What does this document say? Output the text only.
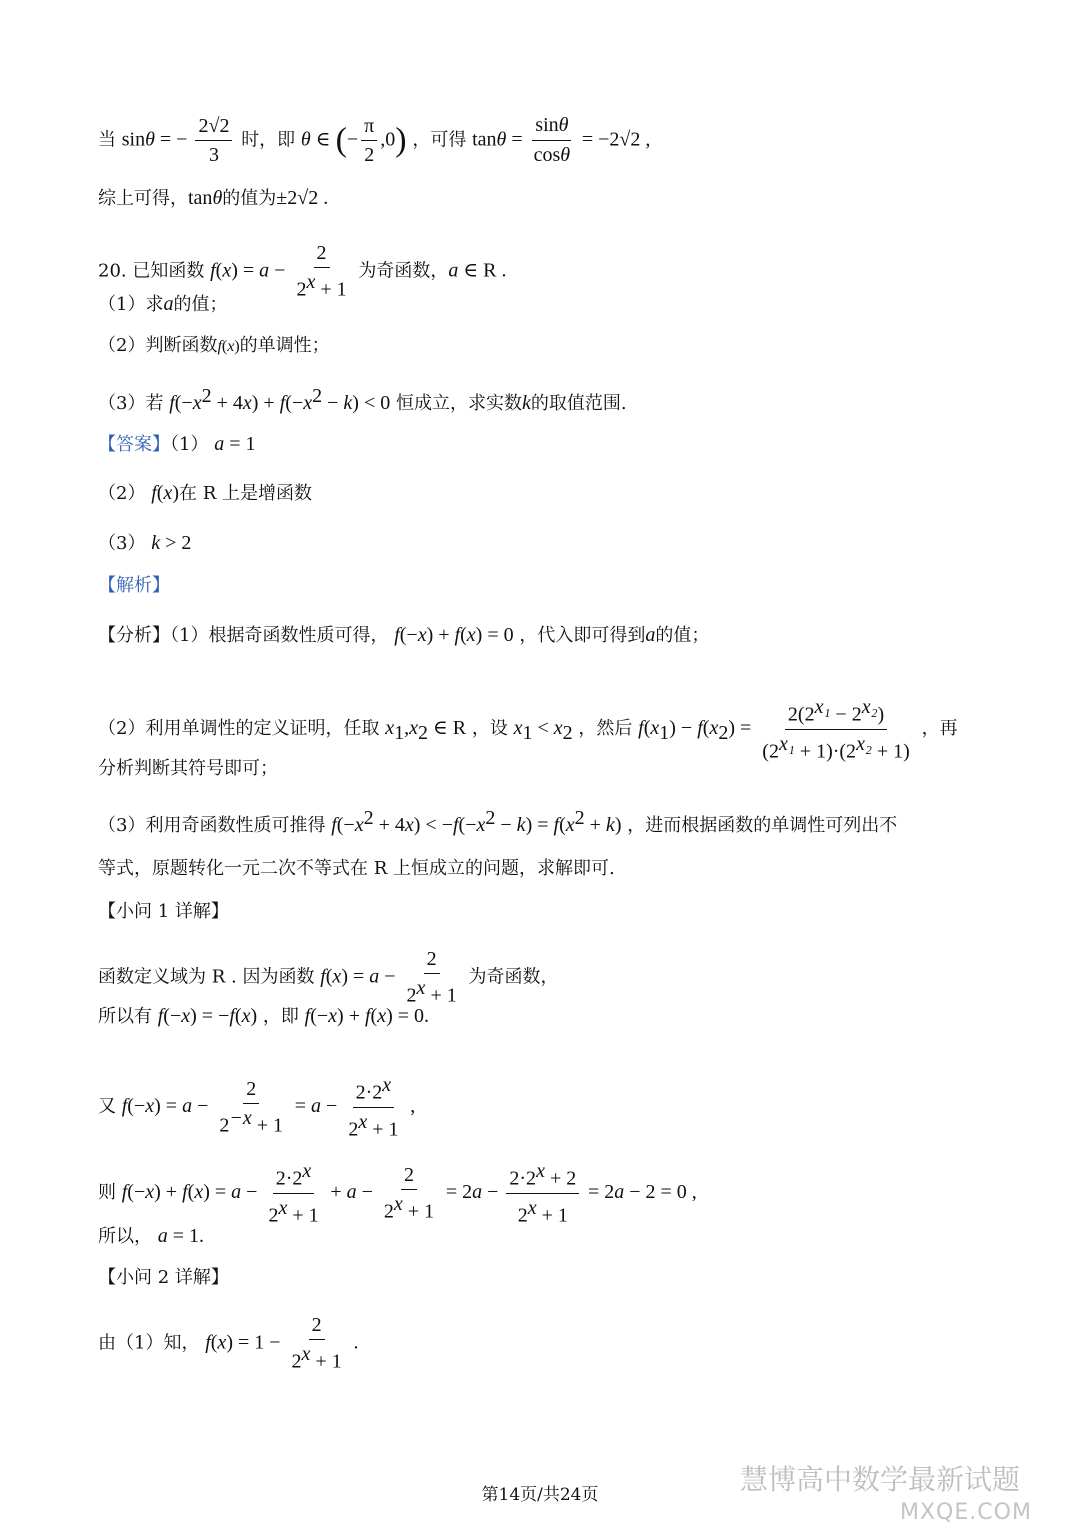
当 sinθ = − $\frac{2√2}{3}$ 时，即 θ ∈ (− $\frac{\pi}{2} ,0$) ，可得 $\tan\theta = \frac{\sin\theta}{\cos\theta} = -2√2$ ,
综上可得，tanθ的值为±2√2 .
20. 已知函数 $f(x) = a - \frac{2}{2^x + 1}$ 为奇函数，a ∈ R .
（1）求a的值；
（2）判断函数f(x)的单调性；
（3）若 $f(-x^2 + 4x) + f(-x^2 - k) < 0$ 恒成立，求实数k的取值范围.
【答案】（1） a = 1
（2） f(x)在 R 上是增函数
（3） k > 2
【解析】
【分析】（1）根据奇函数性质可得， f(−x) + f(x) = 0 ，代入即可得到a的值；
（2）利用单调性的定义证明，任取 $x_1,x_2$ ∈ R ，设 $x_1 < x_2$ ，然后 $f(x_1) - f(x_2) = \frac{2(2^{x_1} - 2^{x_2})}{(2^{x_1} + 1)\cdot(2^{x_2} + 1)}$ ，再
分析判断其符号即可；
（3）利用奇函数性质可推得 $f(-x^2 + 4x) < -f(-x^2 - k) = f(x^2 + k)$ ，进而根据函数的单调性可列出不
等式，原题转化一元二次不等式在 R 上恒成立的问题，求解即可.
【小问 1 详解】
函数定义域为 R . 因为函数 $f(x) = a - \frac{2}{2^x + 1}$ 为奇函数，
所以有 f(−x) = −f(x) ，即 f(−x) + f(x) = 0.
又 $f(-x) = a - \frac{2}{2^{-x} + 1} = a - \frac{2\cdot 2^x}{2^x + 1}$ ,
则 $f(-x) + f(x) = a - \frac{2\cdot 2^x}{2^x + 1} + a - \frac{2}{2^x + 1} = 2a - \frac{2\cdot 2^x + 2}{2^x + 1} = 2a - 2 = 0$ ,
所以， a = 1.
【小问 2 详解】
由（1）知， $f(x) = 1 - \frac{2}{2^x + 1}$ .
慧博高中数学最新试题
MXQE.COM
第14页/共24页
